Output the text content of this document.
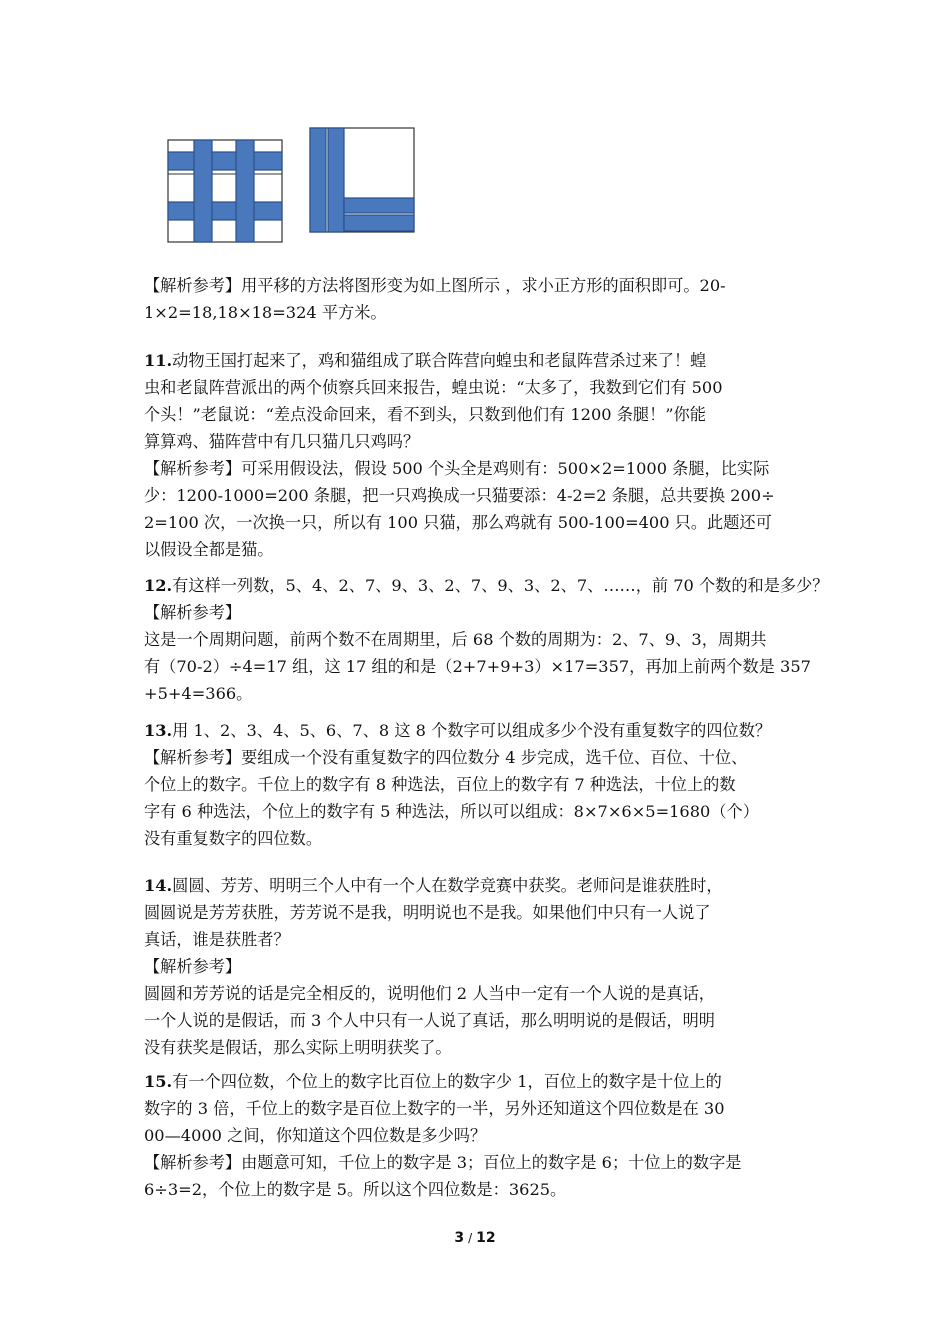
【解析参考】用平移的方法将图形变为如上图所示 ，求小正方形的面积即可。20-
1×2=18,18×18=324 平方米。
11.动物王国打起来了，鸡和猫组成了联合阵营向蝗虫和老鼠阵营杀过来了！蝗
虫和老鼠阵营派出的两个侦察兵回来报告，蝗虫说：“太多了，我数到它们有 500
个头！”老鼠说：“差点没命回来，看不到头，只数到他们有 1200 条腿！”你能
算算鸡、猫阵营中有几只猫几只鸡吗？
【解析参考】可采用假设法，假设 500 个头全是鸡则有：500×2=1000 条腿，比实际
少：1200-1000=200 条腿，把一只鸡换成一只猫要添：4-2=2 条腿，总共要换 200÷
2=100 次，一次换一只，所以有 100 只猫，那么鸡就有 500-100=400 只。此题还可
以假设全都是猫。
12.有这样一列数，5、4、2、7、9、3、2、7、9、3、2、7、……，前 70 个数的和是多少？
【解析参考】
这是一个周期问题，前两个数不在周期里，后 68 个数的周期为：2、7、9、3，周期共
有（70-2）÷4=17 组，这 17 组的和是（2+7+9+3）×17=357，再加上前两个数是 357
+5+4=366。
13.用 1、2、3、4、5、6、7、8 这 8 个数字可以组成多少个没有重复数字的四位数？
【解析参考】要组成一个没有重复数字的四位数分 4 步完成，选千位、百位、十位、
个位上的数字。千位上的数字有 8 种选法，百位上的数字有 7 种选法，十位上的数
字有 6 种选法，个位上的数字有 5 种选法，所以可以组成：8×7×6×5=1680（个）
没有重复数字的四位数。
14.圆圆、芳芳、明明三个人中有一个人在数学竞赛中获奖。老师问是谁获胜时，
圆圆说是芳芳获胜，芳芳说不是我，明明说也不是我。如果他们中只有一人说了
真话，谁是获胜者？
【解析参考】
圆圆和芳芳说的话是完全相反的，说明他们 2 人当中一定有一个人说的是真话，
一个人说的是假话，而 3 个人中只有一人说了真话，那么明明说的是假话，明明
没有获奖是假话，那么实际上明明获奖了。
15.有一个四位数，个位上的数字比百位上的数字少 1，百位上的数字是十位上的
数字的 3 倍，千位上的数字是百位上数字的一半，另外还知道这个四位数是在 30
00—4000 之间，你知道这个四位数是多少吗？
【解析参考】由题意可知，千位上的数字是 3；百位上的数字是 6；十位上的数字是
6÷3=2，个位上的数字是 5。所以这个四位数是：3625。
3 / 12
